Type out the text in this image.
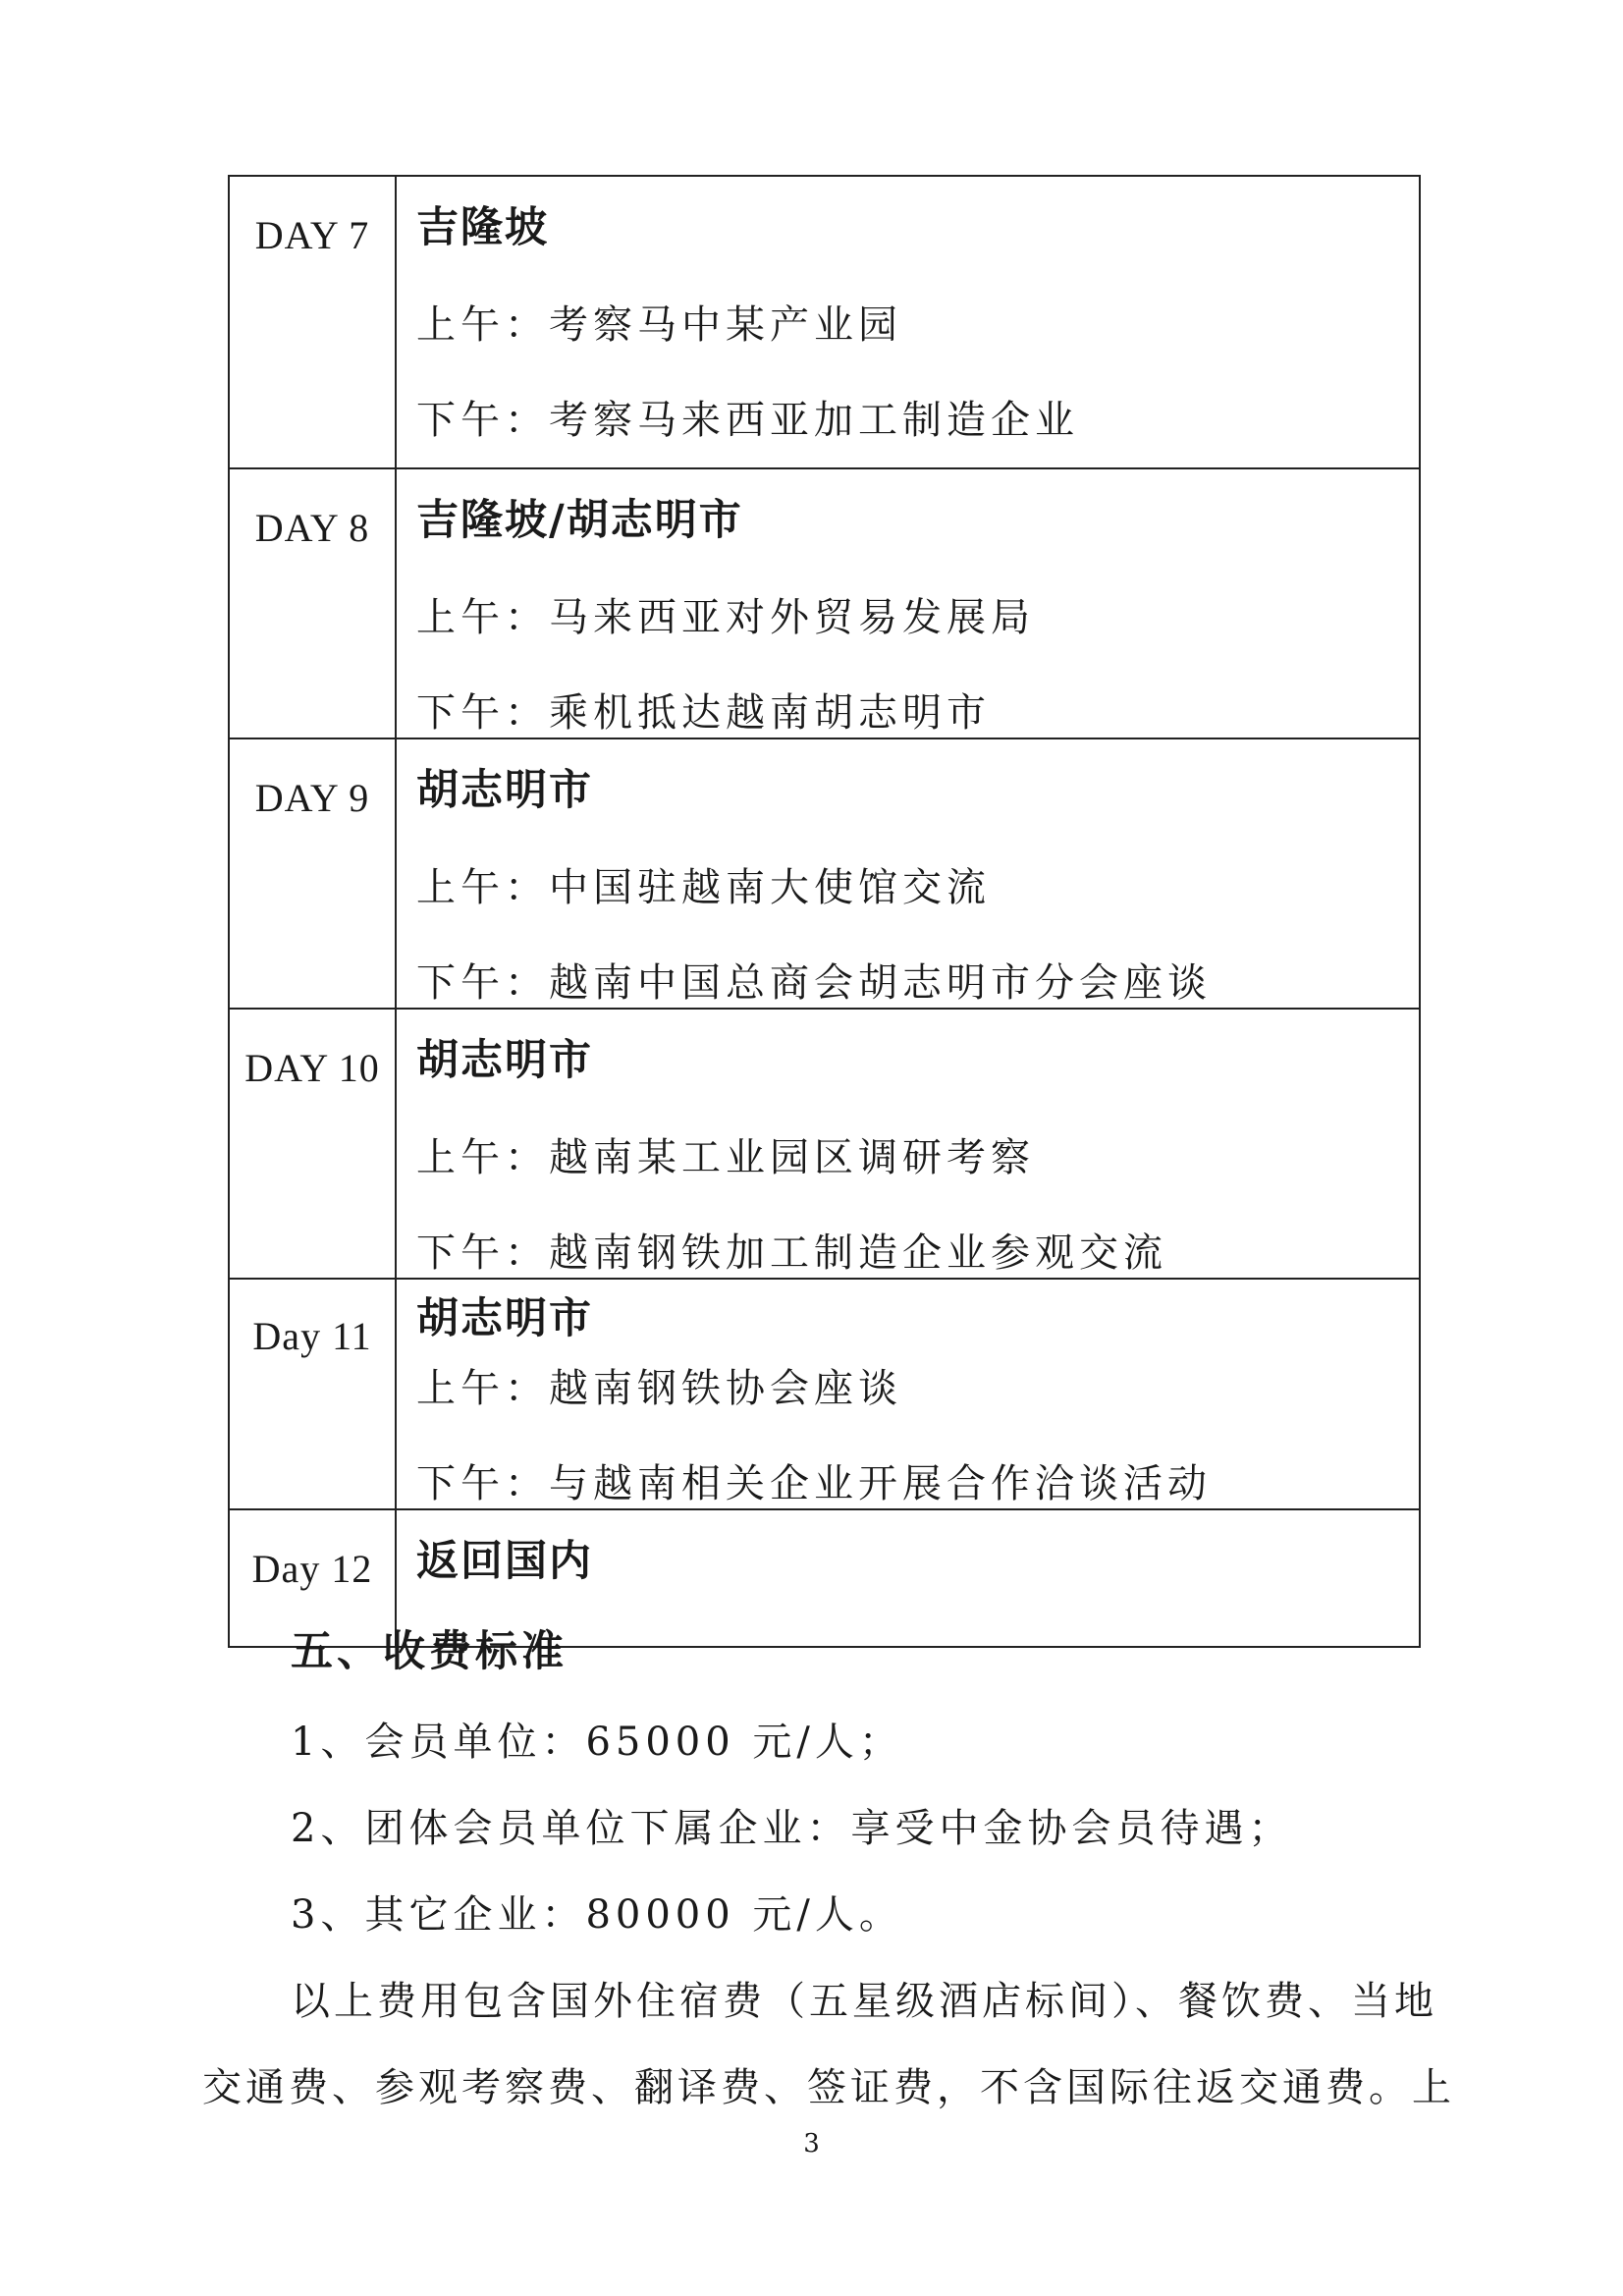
DAY 7	吉隆坡
上午：考察马中某产业园
下午：考察马来西亚加工制造企业

DAY 8	吉隆坡/胡志明市
上午：马来西亚对外贸易发展局
下午：乘机抵达越南胡志明市

DAY 9	胡志明市
上午：中国驻越南大使馆交流
下午：越南中国总商会胡志明市分会座谈

DAY 10	胡志明市
上午：越南某工业园区调研考察
下午：越南钢铁加工制造企业参观交流

Day 11	胡志明市
上午：越南钢铁协会座谈
下午：与越南相关企业开展合作洽谈活动

Day 12	返回国内
五、收费标准

1、会员单位：65000 元/人；

2、团体会员单位下属企业：享受中金协会员待遇；

3、其它企业：80000 元/人。

以上费用包含国外住宿费（五星级酒店标间）、餐饮费、当地

交通费、参观考察费、翻译费、签证费，不含国际往返交通费。上

3
